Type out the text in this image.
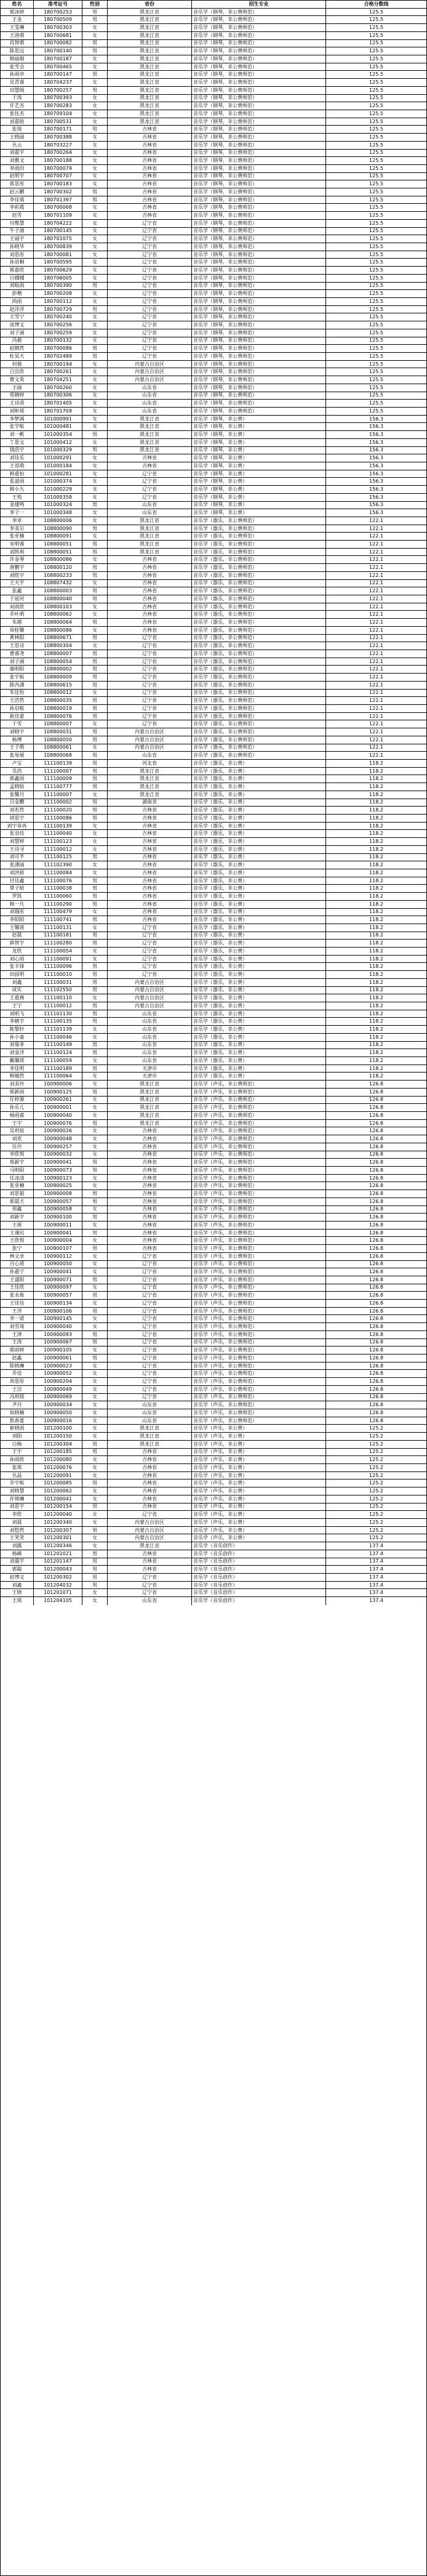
姓名	准考证号	性别	省份	招生专业	合格分数线
郭冰婷	180700253	男	黑龙江省	音乐学（钢琴，非公费师范）	125.5
王金	180700509	男	黑龙江省	音乐学（钢琴，非公费师范）	125.5
王雯琳	180700303	女	黑龙江省	音乐学（钢琴，非公费师范）	125.5
王洛琪	180700681	女	黑龙江省	音乐学（钢琴，非公费师范）	125.5
肖智萌	180700082	男	黑龙江省	音乐学（钢琴，非公费师范）	125.5
陈思远	180700140	男	黑龙江省	音乐学（钢琴，非公费师范）	125.5
韩丽娟	180700187	女	黑龙江省	音乐学（钢琴，非公费师范）	125.5
张雪会	180700465	女	黑龙江省	音乐学（钢琴，非公费师范）	125.5
孙雨亭	180700147	男	黑龙江省	音乐学（钢琴，非公费师范）	125.5
吴青睿	180704237	女	黑龙江省	音乐学（钢琴，非公费师范）	125.5
田慧阁	180700257	男	黑龙江省	音乐学（钢琴，非公费师范）	125.5
于涛	180700393	女	黑龙江省	音乐学（钢琴，非公费师范）	125.5
许艺杰	180700283	女	黑龙江省	音乐学（钢琴，非公费师范）	125.5
张钰杰	180709104	女	黑龙江省	音乐学（钢琴，非公费师范）	125.5
刘嘉晗	180700531	女	黑龙江省	音乐学（钢琴，非公费师范）	125.5
张锐	180700171	男	吉林省	音乐学（钢琴，非公费师范）	125.5
王晓丽	180700388	女	吉林省	音乐学（钢琴，非公费师范）	125.5
丛云	180703227	女	吉林省	音乐学（钢琴，非公费师范）	125.5
刘嘉宇	180700264	女	吉林省	音乐学（钢琴，非公费师范）	125.5
刘雅文	180700188	女	吉林省	音乐学（钢琴，非公费师范）	125.5
李雨田	180700079	女	吉林省	音乐学（钢琴，非公费师范）	125.5
赵明宇	180700707	女	吉林省	音乐学（钢琴，非公费师范）	125.5
郭思彤	180700183	女	吉林省	音乐学（钢琴，非公费师范）	125.5
赵云鹏	180700302	男	吉林省	音乐学（钢琴，非公费师范）	125.5
李佳琪	180701397	男	吉林省	音乐学（钢琴，非公费师范）	125.5
李彩霞	180700068	女	吉林省	音乐学（钢琴，非公费师范）	125.5
赵雪	180701109	女	吉林省	音乐学（钢琴，非公费师范）	125.5
付维慧	180704222	女	辽宁省	音乐学（钢琴，非公费师范）	125.5
牛子涵	180700145	女	辽宁省	音乐学（钢琴，非公费师范）	125.5
王丽宇	180701075	女	辽宁省	音乐学（钢琴，非公费师范）	125.5
孙晓华	180700839	女	辽宁省	音乐学（钢琴，非公费师范）	125.5
刘思彤	180700081	女	辽宁省	音乐学（钢琴，非公费师范）	125.5
孙语桐	180700595	女	辽宁省	音乐学（钢琴，非公费师范）	125.5
郭嘉欣	180700629	女	辽宁省	音乐学（钢琴，非公费师范）	125.5
吕娜娜	180706005	女	辽宁省	音乐学（钢琴，非公费师范）	125.5
刘晗雨	180700390	男	辽宁省	音乐学（钢琴，非公费师范）	125.5
彭楷	180700208	女	辽宁省	音乐学（钢琴，非公费师范）	125.5
尚雨	180700112	女	辽宁省	音乐学（钢琴，非公费师范）	125.5
赵洋洋	180700729	男	辽宁省	音乐学（钢琴，非公费师范）	125.5
王雪宁	180700240	女	辽宁省	音乐学（钢琴，非公费师范）	125.5
庞博文	180700256	女	辽宁省	音乐学（钢琴，非公费师范）	125.5
刘子涵	180700259	女	辽宁省	音乐学（钢琴，非公费师范）	125.5
冯毅	180700132	女	辽宁省	音乐学（钢琴，非公费师范）	125.5
赵鹤然	180700086	男	辽宁省	音乐学（钢琴，非公费师范）	125.5
杜昊天	180702489	男	辽宁省	音乐学（钢琴，非公费师范）	125.5
何倩	180700194	女	内蒙古自治区	音乐学（钢琴，非公费师范）	125.5
白宜欣	180700261	女	内蒙古自治区	音乐学（钢琴，非公费师范）	125.5
曹文英	180704251	女	内蒙古自治区	音乐学（钢琴，非公费师范）	125.5
王丽	180700260	女	山东省	音乐学（钢琴，非公费师范）	125.5
郑婉婷	180700306	女	山东省	音乐学（钢琴，非公费师范）	125.5
王诗淇	180701405	女	山东省	音乐学（钢琴，非公费师范）	125.5
刘昕瑶	180701709	女	山东省	音乐学（钢琴，非公费师范）	125.5
李梦涵	101000991	女	黑龙江省	音乐学（钢琴，非公费）	156.3
张宇航	101000481	女	黑龙江省	音乐学（钢琴，非公费）	156.3
刘一帆	101000354	男	黑龙江省	音乐学（钢琴，非公费）	156.3
丁思文	101000412	女	黑龙江省	音乐学（钢琴，非公费）	156.3
钱浩宇	101000329	男	黑龙江省	音乐学（钢琴，非公费）	156.3
刘佳乐	101000291	女	吉林省	音乐学（钢琴，非公费）	156.3
王语萌	101000184	女	吉林省	音乐学（钢琴，非公费）	156.3
韩嘉怡	101000281	女	辽宁省	音乐学（钢琴，非公费）	156.3
张滋雨	101000374	女	辽宁省	音乐学（钢琴，非公费）	156.3
韩小九	101000229	女	辽宁省	音乐学（钢琴，非公费）	156.3
王悦	101000358	女	辽宁省	音乐学（钢琴，非公费）	156.3
金建鸣	101000324	男	山东省	音乐学（钢琴，非公费）	156.3
李子一	101000348	女	山东省	音乐学（钢琴，非公费）	156.3
李卓	108800006	女	黑龙江省	音乐学（器乐，非公费师范）	122.1
李美尔	108800090	男	黑龙江省	音乐学（器乐，非公费师范）	122.1
张亚楠	108800091	女	黑龙江省	音乐学（器乐，非公费师范）	122.1
宋明睿	108800051	男	黑龙江省	音乐学（器乐，非公费师范）	122.1
刘凯利	108800051	男	黑龙江省	音乐学（器乐，非公费师范）	122.1
许金琴	108800086	女	吉林省	音乐学（器乐，非公费师范）	122.1
唐鹏宇	108800120	男	吉林省	音乐学（器乐，非公费师范）	122.1
刘欣宇	108800233	男	吉林省	音乐学（器乐，非公费师范）	122.1
王天宇	108807432	女	吉林省	音乐学（器乐，非公费师范）	122.1
张鑫	108800003	男	吉林省	音乐学（器乐，非公费师范）	122.1
于延河	108800040	男	吉林省	音乐学（器乐，非公费师范）	122.1
刘雨欣	108800103	女	吉林省	音乐学（器乐，非公费师范）	122.1
乔叶萌	108800062	女	吉林省	音乐学（器乐，非公费师范）	122.1
朱越	108800064	男	吉林省	音乐学（器乐，非公费师范）	122.1
周桂馨	108800086	女	吉林省	音乐学（器乐，非公费师范）	122.1
黄林阳	108800671	男	辽宁省	音乐学（器乐，非公费师范）	122.1
王思诗	108800304	女	辽宁省	音乐学（器乐，非公费师范）	122.1
曹睿尧	108800007	男	辽宁省	音乐学（器乐，非公费师范）	122.1
刘子涵	108800054	男	辽宁省	音乐学（器乐，非公费师范）	122.1
康明阳	108800002	男	辽宁省	音乐学（器乐，非公费师范）	122.1
张宇航	108800009	男	辽宁省	音乐学（器乐，非公费师范）	122.1
陈芮潇	108800615	男	辽宁省	音乐学（器乐，非公费师范）	122.1
朱佳怡	108800012	女	辽宁省	音乐学（器乐，非公费师范）	122.1
王浩然	108800035	男	辽宁省	音乐学（器乐，非公费师范）	122.1
孙启航	108800019	男	辽宁省	音乐学（器乐，非公费师范）	122.1
耿佳豪	108800076	男	辽宁省	音乐学（器乐，非公费师范）	122.1
于雪	108800007	女	辽宁省	音乐学（器乐，非公费师范）	122.1
刘晓宇	108800031	男	内蒙古自治区	音乐学（器乐，非公费师范）	122.1
杨博	108800050	男	内蒙古自治区	音乐学（器乐，非公费师范）	122.1
王子萌	108800061	女	内蒙古自治区	音乐学（器乐，非公费师范）	122.1
张易展	108800068	男	山东省	音乐学（器乐，非公费师范）	122.1
卢宝	111100139	男	河北省	音乐学（器乐，非公费）	118.2
吴浩	111100007	男	黑龙江省	音乐学（器乐，非公费）	118.2
郭鑫雨	111100009	男	黑龙江省	音乐学（器乐，非公费）	118.2
孟晓晗	111100777	男	黑龙江省	音乐学（器乐，非公费）	118.2
张馨月	111100007	女	黑龙江省	音乐学（器乐，非公费）	118.2
吕金鹏	111100002	男	湖南省	音乐学（器乐，非公费）	118.2
刘若然	111100020	男	吉林省	音乐学（器乐，非公费）	118.2
胡思宇	111100086	男	吉林省	音乐学（器乐，非公费）	118.2
刘宇菲冉	111100139	女	吉林省	音乐学（器乐，非公费）	118.2
张羽佳	111100040	女	吉林省	音乐学（器乐，非公费）	118.2
刘慧婷	111100123	女	吉林省	音乐学（器乐，非公费）	118.2
王诗寻	111100012	女	吉林省	音乐学（器乐，非公费）	118.2
刘可芊	111100125	男	吉林省	音乐学（器乐，非公费）	118.2
张潇丽	111102390	女	吉林省	音乐学（器乐，非公费）	118.2
刘洪娇	111100084	女	吉林省	音乐学（器乐，非公费）	118.2
付佳鑫	111100076	男	吉林省	音乐学（器乐，非公费）	118.2
覃子暄	111100038	男	吉林省	音乐学（器乐，非公费）	118.2
罗凯	111100060	男	吉林省	音乐学（器乐，非公费）	118.2
韩一凡	111100290	男	吉林省	音乐学（器乐，非公费）	118.2
刘瑞彤	111100479	女	吉林省	音乐学（器乐，非公费）	118.2
李阳阳	111100741	男	吉林省	音乐学（器乐，非公费）	118.2
王馨瑶	111100131	女	辽宁省	音乐学（器乐，非公费）	118.2
赵晨	111100181	男	辽宁省	音乐学（器乐，非公费）	118.2
薛智宇	111100280	男	辽宁省	音乐学（器乐，非公费）	118.2
龙欣	111100054	女	辽宁省	音乐学（器乐，非公费）	118.2
刘心雨	111100091	女	辽宁省	音乐学（器乐，非公费）	118.2
张丰锋	111100096	男	辽宁省	音乐学（器乐，非公费）	118.2
田叔明	111100010	男	辽宁省	音乐学（器乐，非公费）	118.2
刘鑫	111100031	男	内蒙古自治区	音乐学（器乐，非公费）	118.2
成实	111102550	男	内蒙古自治区	音乐学（器乐，非公费）	118.2
王嘉燕	111100110	女	内蒙古自治区	音乐学（器乐，非公费）	118.2
王宁	111100012	男	内蒙古自治区	音乐学（器乐，非公费）	118.2
刘明飞	111101130	男	山东省	音乐学（器乐，非公费）	118.2
李鹤宇	111100135	男	山东省	音乐学（器乐，非公费）	118.2
陈黎轩	111101139	女	山东省	音乐学（器乐，非公费）	118.2
孙小童	111100046	女	山东省	音乐学（器乐，非公费）	118.2
刘曼菲	111100149	男	山东省	音乐学（器乐，非公费）	118.2
刘金洋	111100124	男	山东省	音乐学（器乐，非公费）	118.2
戴璐瑶	111100059	女	山东省	音乐学（器乐，非公费）	118.2
李佳明	111100189	男	天津市	音乐学（器乐，非公费）	118.2
韩婧然	111100064	女	天津市	音乐学（器乐，非公费）	118.2
刘美伶	100900006	女	黑龙江省	音乐学（声乐，非公费师范）	126.8
郭新雨	100900125	男	黑龙江省	音乐学（声乐，非公费师范）	126.8
任梓源	100900261	女	黑龙江省	音乐学（声乐，非公费师范）	126.8
孙乐儿	100900001	女	黑龙江省	音乐学（声乐，非公费师范）	126.8
杨雨嘉	100900040	女	黑龙江省	音乐学（声乐，非公费师范）	126.8
王宇	100900076	男	黑龙江省	音乐学（声乐，非公费师范）	126.8
吴玥宸	100900026	女	吉林省	音乐学（声乐，非公费师范）	126.8
刘欢	100900048	女	吉林省	音乐学（声乐，非公费师范）	126.8
任玲	100900257	女	吉林省	音乐学（声乐，非公费师范）	126.8
李欣悦	100900032	女	吉林省	音乐学（声乐，非公费师范）	126.8
郑新宇	100900041	男	吉林省	音乐学（声乐，非公费师范）	126.8
马明阳	100900073	男	吉林省	音乐学（声乐，非公费师范）	126.8
任冰清	100900123	女	吉林省	音乐学（声乐，非公费师范）	126.8
张亚楠	100900025	女	吉林省	音乐学（声乐，非公费师范）	126.8
刘思韬	100900008	男	吉林省	音乐学（声乐，非公费师范）	126.8
郭晨天	100900057	男	吉林省	音乐学（声乐，非公费师范）	126.8
周鑫	100900058	女	吉林省	音乐学（声乐，非公费师范）	126.8
刘新宇	100900100	男	吉林省	音乐学（声乐，非公费师范）	126.8
王瑶	100900011	女	吉林省	音乐学（声乐，非公费师范）	126.8
王谨民	100900041	男	吉林省	音乐学（声乐，非公费师范）	126.8
王欣悦	100900004	女	吉林省	音乐学（声乐，非公费师范）	126.8
张宁	100900107	男	吉林省	音乐学（声乐，非公费师范）	126.8
林文卓	100900112	女	辽宁省	音乐学（声乐，非公费师范）	126.8
吕心瑶	100900050	女	辽宁省	音乐学（声乐，非公费师范）	126.8
孙嘉宁	100900041	女	辽宁省	音乐学（声乐，非公费师范）	126.8
王盛阳	100900071	男	辽宁省	音乐学（声乐，非公费师范）	126.8
王佳欣	100900097	女	辽宁省	音乐学（声乐，非公费师范）	126.8
张永烁	100900057	男	辽宁省	音乐学（声乐，非公费师范）	126.8
王佳佳	100900134	女	辽宁省	音乐学（声乐，非公费师范）	126.8
王洋	100900106	男	辽宁省	音乐学（声乐，非公费师范）	126.8
李一诺	100900145	女	辽宁省	音乐学（声乐，非公费师范）	126.8
刘雪琦	100900040	女	辽宁省	音乐学（声乐，非公费师范）	126.8
王津	100900093	男	辽宁省	音乐学（声乐，非公费师范）	126.8
王涛	100900067	男	辽宁省	音乐学（声乐，非公费师范）	126.8
郭雨婷	100900105	女	辽宁省	音乐学（声乐，非公费师范）	126.8
赵鑫	100900061	男	辽宁省	音乐学（声乐，非公费师范）	126.8
陈晓琳	100900023	女	辽宁省	音乐学（声乐，非公费师范）	126.8
乔佳	100900052	女	辽宁省	音乐学（声乐，非公费师范）	126.8
周思彤	100900204	女	辽宁省	音乐学（声乐，非公费师范）	126.8
王洁	100900049	女	辽宁省	音乐学（声乐，非公费师范）	126.8
冯玥瑶	100900069	女	辽宁省	音乐学（声乐，非公费师范）	126.8
尹丹	100900034	女	山东省	音乐学（声乐，非公费师范）	126.8
侯晓楠	100900050	女	山东省	音乐学（声乐，非公费师范）	126.8
焦春蕾	100900016	女	山东省	音乐学（声乐，非公费师范）	126.8
崔晓雨	101200100	女	黑龙江省	音乐学（声乐，非公费）	125.2
刘阳	101200150	女	黑龙江省	音乐学（声乐，非公费）	125.2
白杨	101200304	男	黑龙江省	音乐学（声乐，非公费）	125.2
王宇	101200185	男	吉林省	音乐学（声乐，非公费）	125.2
孙雨欣	101200080	女	吉林省	音乐学（声乐，非公费）	125.2
张琪	101200076	女	吉林省	音乐学（声乐，非公费）	125.2
丛晶	101200091	女	吉林省	音乐学（声乐，非公费）	125.2
乔宇航	101200085	男	吉林省	音乐学（声乐，非公费）	125.2
刘晓慧	101200062	女	吉林省	音乐学（声乐，非公费）	125.2
许锦琳	101200041	女	吉林省	音乐学（声乐，非公费）	125.2
刘思宇	101200154	男	吉林省	音乐学（声乐，非公费）	125.2
李欣	101200040	女	辽宁省	音乐学（声乐，非公费）	125.2
刘晨	101200340	女	内蒙古自治区	音乐学（声乐，非公费）	125.2
刘恺然	101200307	男	内蒙古自治区	音乐学（声乐，非公费）	125.2
王笑笑	101200301	女	内蒙古自治区	音乐学（声乐，非公费）	125.2
刘露	101200346	女	黑龙江省	音乐学（音乐创作）	137.4
杨峰	101201021	男	吉林省	音乐学（音乐创作）	137.4
刘震宇	101201147	男	吉林省	音乐学（音乐创作）	137.4
郭聪	101200043	男	吉林省	音乐学（音乐创作）	137.4
赵博文	101200302	男	辽宁省	音乐学（音乐创作）	137.4
刘鑫	101204032	男	辽宁省	音乐学（音乐创作）	137.4
王晓	101201071	女	辽宁省	音乐学（音乐创作）	137.4
王瑶	101204105	女	山东省	音乐学（音乐创作）	137.4
